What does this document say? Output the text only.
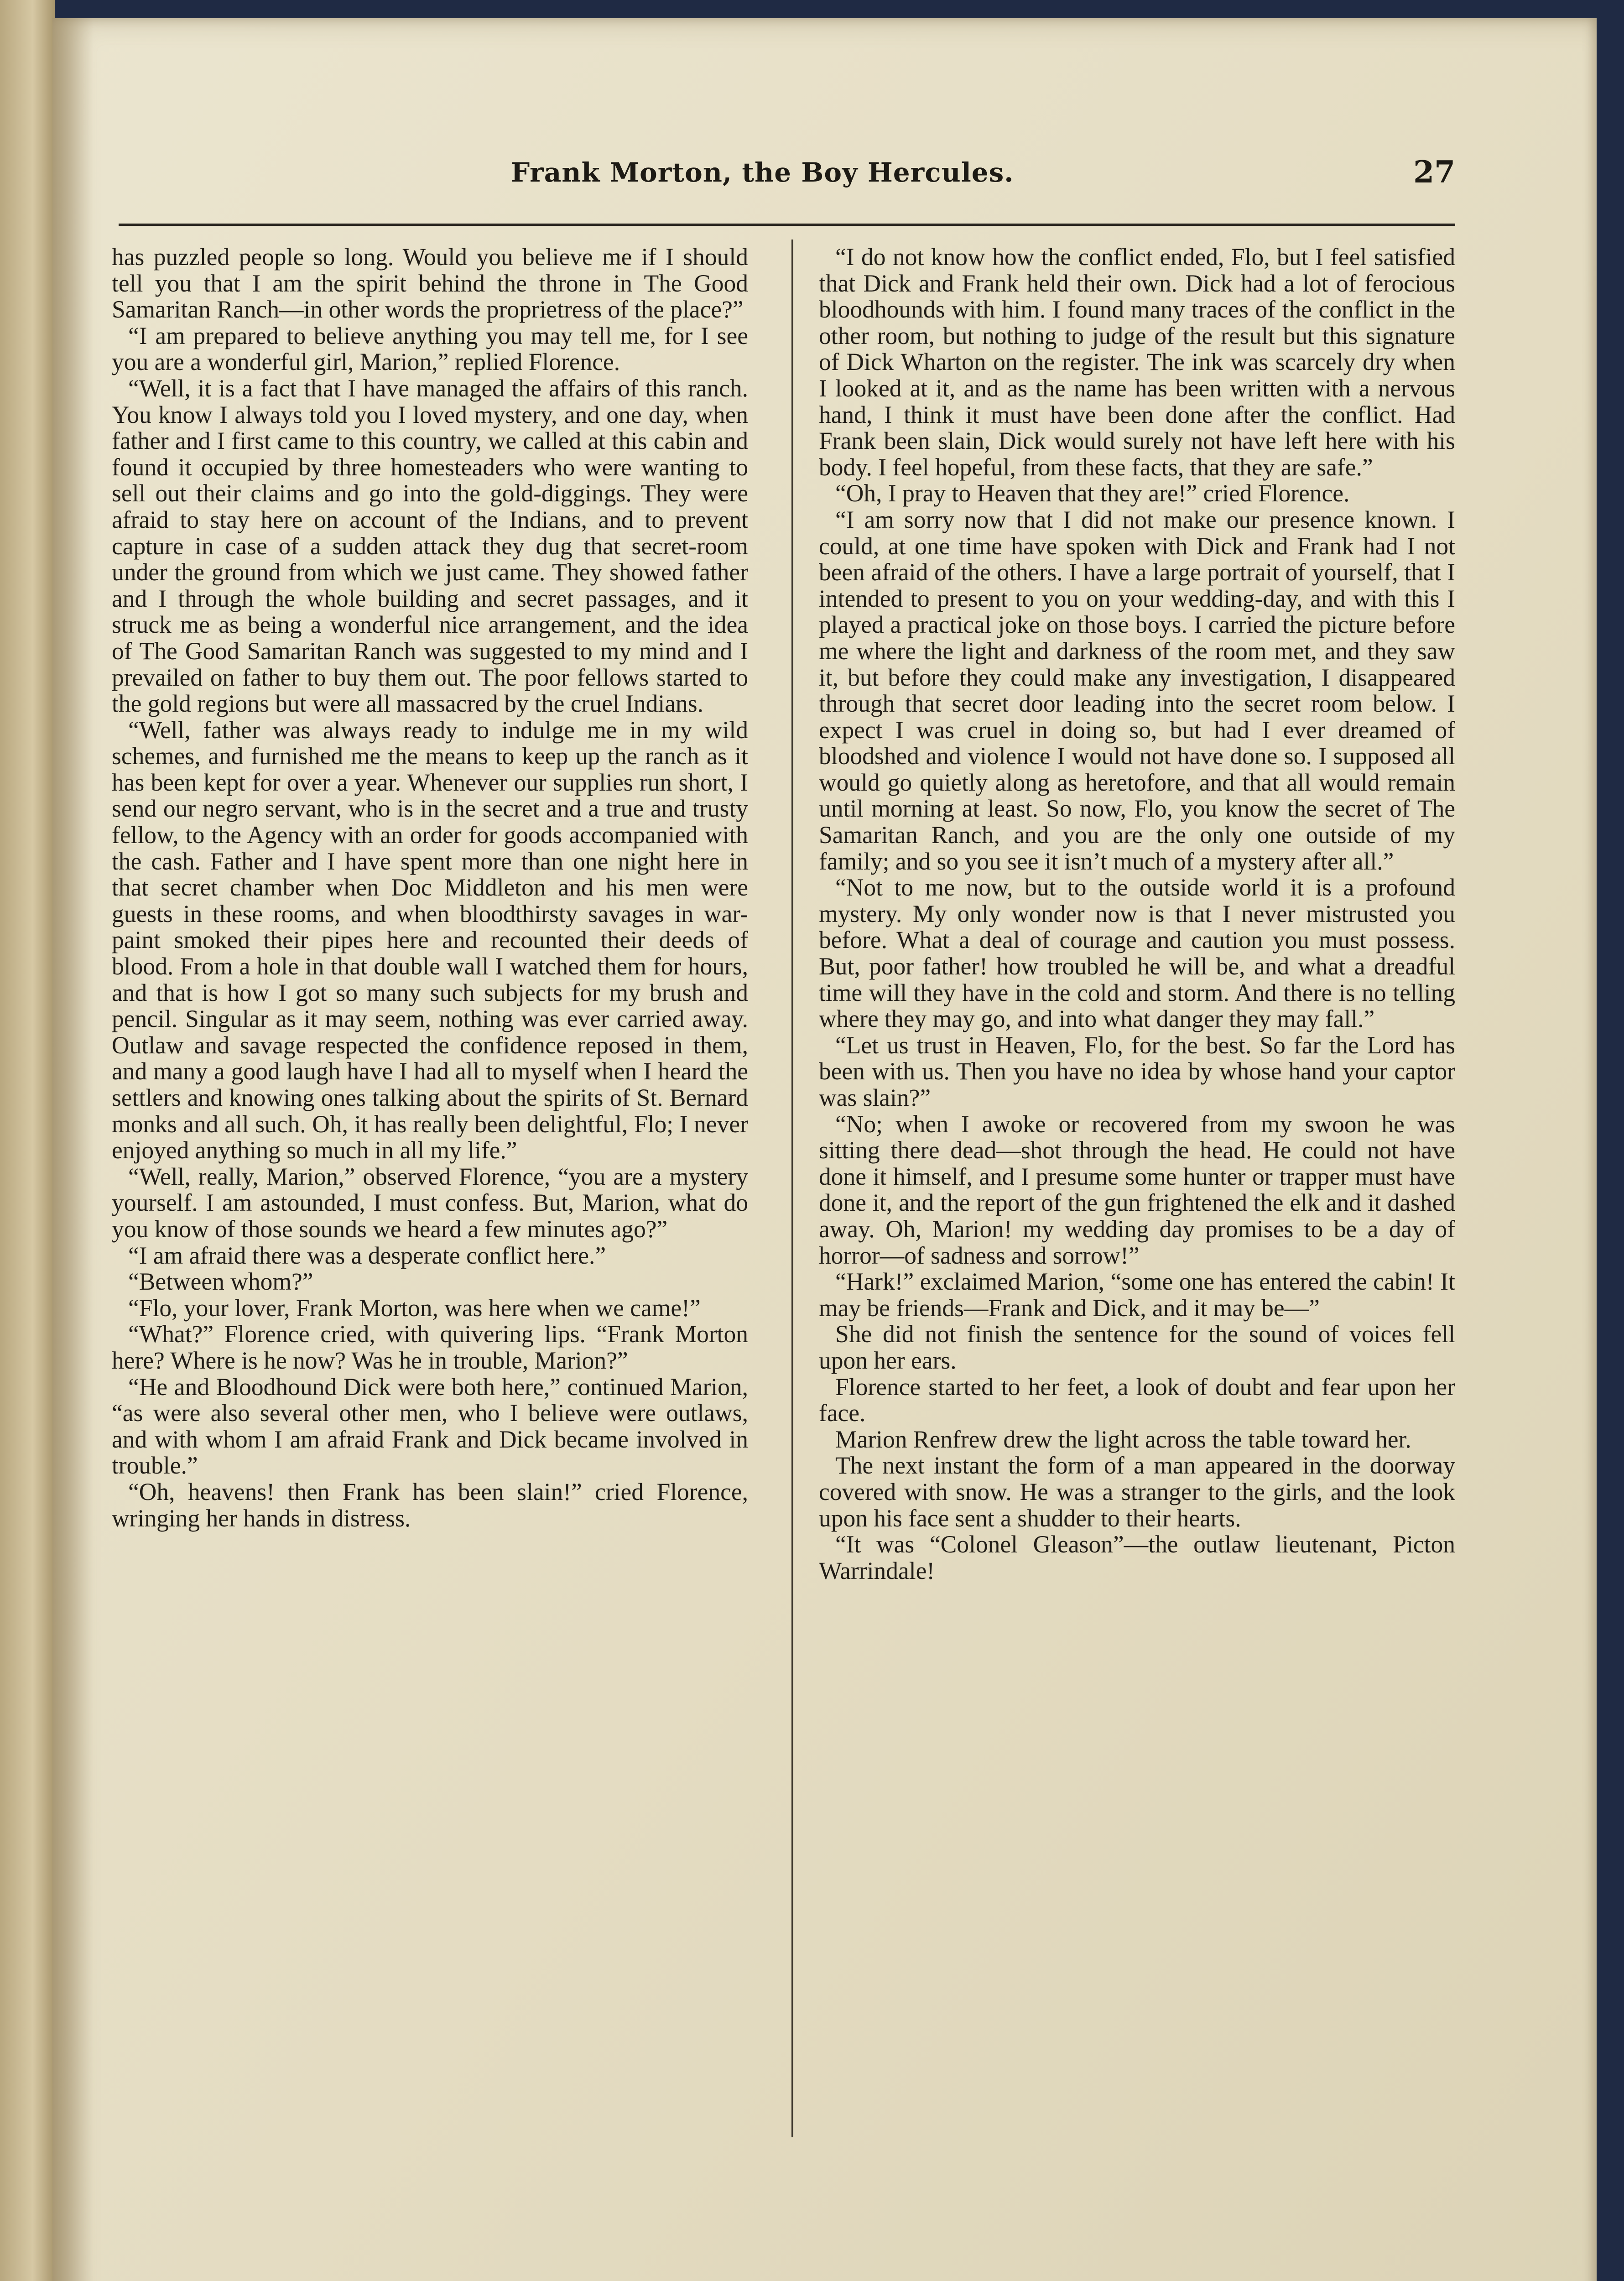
Frank Morton, the Boy Hercules.	27

has puzzled people so long. Would you believe me if I should tell you that I am the spirit behind the throne in The Good Samaritan Ranch—in other words the proprietress of the place?”

“I am prepared to believe anything you may tell me, for I see you are a wonderful girl, Marion,” replied Florence.

“Well, it is a fact that I have managed the affairs of this ranch. You know I always told you I loved mystery, and one day, when father and I first came to this country, we called at this cabin and found it occupied by three homesteaders who were wanting to sell out their claims and go into the gold-diggings. They were afraid to stay here on account of the Indians, and to prevent capture in case of a sudden attack they dug that secret-room under the ground from which we just came. They showed father and I through the whole building and secret passages, and it struck me as being a wonderful nice arrangement, and the idea of The Good Samaritan Ranch was suggested to my mind and I prevailed on father to buy them out. The poor fellows started to the gold regions but were all massacred by the cruel Indians.

“Well, father was always ready to indulge me in my wild schemes, and furnished me the means to keep up the ranch as it has been kept for over a year. Whenever our supplies run short, I send our negro servant, who is in the secret and a true and trusty fellow, to the Agency with an order for goods accompanied with the cash. Father and I have spent more than one night here in that secret chamber when Doc Middleton and his men were guests in these rooms, and when bloodthirsty savages in war-paint smoked their pipes here and recounted their deeds of blood. From a hole in that double wall I watched them for hours, and that is how I got so many such subjects for my brush and pencil. Singular as it may seem, nothing was ever carried away. Outlaw and savage respected the confidence reposed in them, and many a good laugh have I had all to myself when I heard the settlers and knowing ones talking about the spirits of St. Bernard monks and all such. Oh, it has really been delightful, Flo; I never enjoyed anything so much in all my life.”

“Well, really, Marion,” observed Florence, “you are a mystery yourself. I am astounded, I must confess. But, Marion, what do you know of those sounds we heard a few minutes ago?”

“I am afraid there was a desperate conflict here.”

“Between whom?”

“Flo, your lover, Frank Morton, was here when we came!”

“What?” Florence cried, with quivering lips. “Frank Morton here? Where is he now? Was he in trouble, Marion?”

“He and Bloodhound Dick were both here,” continued Marion, “as were also several other men, who I believe were outlaws, and with whom I am afraid Frank and Dick became involved in trouble.”

“Oh, heavens! then Frank has been slain!” cried Florence, wringing her hands in distress.

“I do not know how the conflict ended, Flo, but I feel satisfied that Dick and Frank held their own. Dick had a lot of ferocious bloodhounds with him. I found many traces of the conflict in the other room, but nothing to judge of the result but this signature of Dick Wharton on the register. The ink was scarcely dry when I looked at it, and as the name has been written with a nervous hand, I think it must have been done after the conflict. Had Frank been slain, Dick would surely not have left here with his body. I feel hopeful, from these facts, that they are safe.”

“Oh, I pray to Heaven that they are!” cried Florence.

“I am sorry now that I did not make our presence known. I could, at one time have spoken with Dick and Frank had I not been afraid of the others. I have a large portrait of yourself, that I intended to present to you on your wedding-day, and with this I played a practical joke on those boys. I carried the picture before me where the light and darkness of the room met, and they saw it, but before they could make any investigation, I disappeared through that secret door leading into the secret room below. I expect I was cruel in doing so, but had I ever dreamed of bloodshed and violence I would not have done so. I supposed all would go quietly along as heretofore, and that all would remain until morning at least. So now, Flo, you know the secret of The Samaritan Ranch, and you are the only one outside of my family; and so you see it isn’t much of a mystery after all.”

“Not to me now, but to the outside world it is a profound mystery. My only wonder now is that I never mistrusted you before. What a deal of courage and caution you must possess. But, poor father! how troubled he will be, and what a dreadful time will they have in the cold and storm. And there is no telling where they may go, and into what danger they may fall.”

“Let us trust in Heaven, Flo, for the best. So far the Lord has been with us. Then you have no idea by whose hand your captor was slain?”

“No; when I awoke or recovered from my swoon he was sitting there dead—shot through the head. He could not have done it himself, and I presume some hunter or trapper must have done it, and the report of the gun frightened the elk and it dashed away. Oh, Marion! my wedding day promises to be a day of horror—of sadness and sorrow!”

“Hark!” exclaimed Marion, “some one has entered the cabin! It may be friends—Frank and Dick, and it may be—”

She did not finish the sentence for the sound of voices fell upon her ears.

Florence started to her feet, a look of doubt and fear upon her face.

Marion Renfrew drew the light across the table toward her.

The next instant the form of a man appeared in the doorway covered with snow. He was a stranger to the girls, and the look upon his face sent a shudder to their hearts.

“It was “Colonel Gleason”—the outlaw lieutenant, Picton Warrindale!
